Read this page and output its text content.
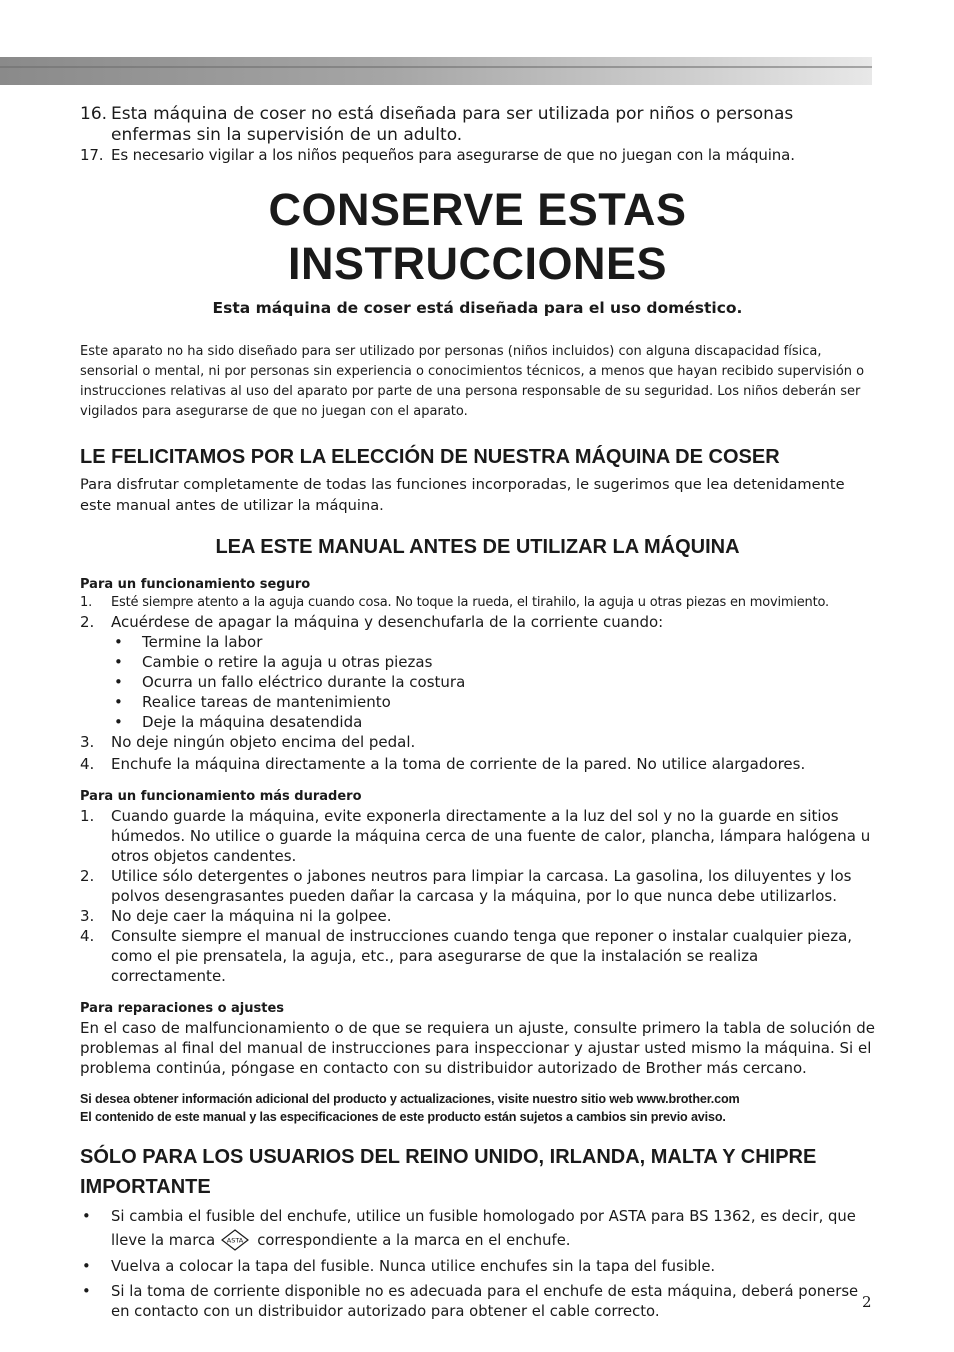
16. Esta máquina de coser no está diseñada para ser utilizada por niños o personas enfermas sin la supervisión de un adulto.
17. Es necesario vigilar a los niños pequeños para asegurarse de que no juegan con la máquina.
CONSERVE ESTAS INSTRUCCIONES
Esta máquina de coser está diseñada para el uso doméstico.
Este aparato no ha sido diseñado para ser utilizado por personas (niños incluidos) con alguna discapacidad física, sensorial o mental, ni por personas sin experiencia o conocimientos técnicos, a menos que hayan recibido supervisión o instrucciones relativas al uso del aparato por parte de una persona responsable de su seguridad. Los niños deberán ser vigilados para asegurarse de que no juegan con el aparato.
LE FELICITAMOS POR LA ELECCIÓN DE NUESTRA MÁQUINA DE COSER
Para disfrutar completamente de todas las funciones incorporadas, le sugerimos que lea detenidamente este manual antes de utilizar la máquina.
LEA ESTE MANUAL ANTES DE UTILIZAR LA MÁQUINA
Para un funcionamiento seguro
1. Esté siempre atento a la aguja cuando cosa. No toque la rueda, el tirahilo, la aguja u otras piezas en movimiento.
2. Acuérdese de apagar la máquina y desenchufarla de la corriente cuando:
• Termine la labor
• Cambie o retire la aguja u otras piezas
• Ocurra un fallo eléctrico durante la costura
• Realice tareas de mantenimiento
• Deje la máquina desatendida
3. No deje ningún objeto encima del pedal.
4. Enchufe la máquina directamente a la toma de corriente de la pared. No utilice alargadores.
Para un funcionamiento más duradero
1. Cuando guarde la máquina, evite exponerla directamente a la luz del sol y no la guarde en sitios húmedos. No utilice o guarde la máquina cerca de una fuente de calor, plancha, lámpara halógena u otros objetos candentes.
2. Utilice sólo detergentes o jabones neutros para limpiar la carcasa. La gasolina, los diluyentes y los polvos desengrasantes pueden dañar la carcasa y la máquina, por lo que nunca debe utilizarlos.
3. No deje caer la máquina ni la golpee.
4. Consulte siempre el manual de instrucciones cuando tenga que reponer o instalar cualquier pieza, como el pie prensatela, la aguja, etc., para asegurarse de que la instalación se realiza correctamente.
Para reparaciones o ajustes
En el caso de malfuncionamiento o de que se requiera un ajuste, consulte primero la tabla de solución de problemas al final del manual de instrucciones para inspeccionar y ajustar usted mismo la máquina. Si el problema continúa, póngase en contacto con su distribuidor autorizado de Brother más cercano.
Si desea obtener información adicional del producto y actualizaciones, visite nuestro sitio web www.brother.com
El contenido de este manual y las especificaciones de este producto están sujetos a cambios sin previo aviso.
SÓLO PARA LOS USUARIOS DEL REINO UNIDO, IRLANDA, MALTA Y CHIPRE
IMPORTANTE
• Si cambia el fusible del enchufe, utilice un fusible homologado por ASTA para BS 1362, es decir, que lleve la marca ASTA correspondiente a la marca en el enchufe.
• Vuelva a colocar la tapa del fusible. Nunca utilice enchufes sin la tapa del fusible.
• Si la toma de corriente disponible no es adecuada para el enchufe de esta máquina, deberá ponerse en contacto con un distribuidor autorizado para obtener el cable correcto.
2
